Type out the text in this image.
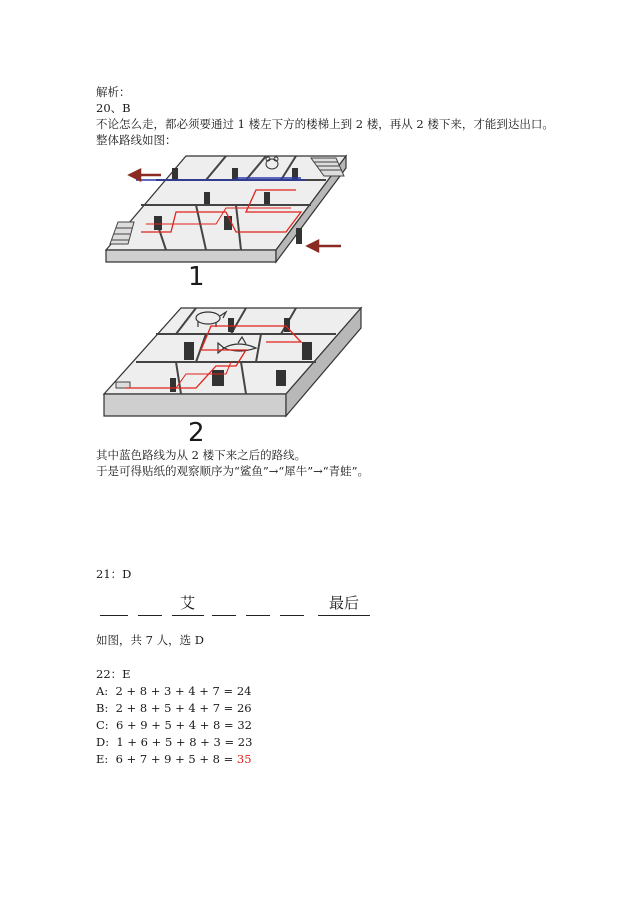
解析：
20、B
不论怎么走，都必须要通过 1 楼左下方的楼梯上到 2 楼，再从 2 楼下来，才能到达出口。
整体路线如图：
1
2
其中蓝色路线为从 2 楼下来之后的路线。
于是可得贴纸的观察顺序为“鲨鱼”→“犀牛”→“青蛙”。
21：D
艾	最后
如图，共 7 人，选 D
22：E
A: 2 + 8 + 3 + 4 + 7 = 24
B: 2 + 8 + 5 + 4 + 7 = 26
C: 6 + 9 + 5 + 4 + 8 = 32
D: 1 + 6 + 5 + 8 + 3 = 23
E: 6 + 7 + 9 + 5 + 8 = 35
